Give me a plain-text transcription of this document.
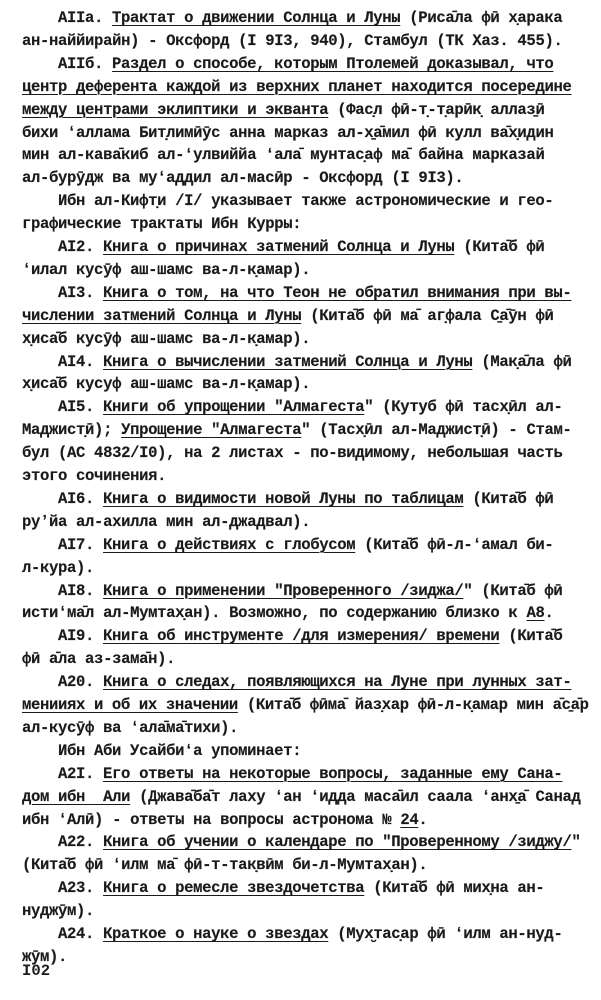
AIIa. Трактат о движении Солнца и Луны (Риса̄ла фӣ х̣арака
ан-наййирайн) - Оксфорд (I 9I3, 940), Стамбул (ТК Хаз. 455).
AIIб. Раздел о способе, которым Птолемей доказывал, что
центр деферента каждой из верхних планет находится посередине
между центрами эклиптики и экванта (Фас̣л фӣ-т̣-т̣арӣк̣ аллаз̱ӣ
бихи ʻаллама Бит̣лимӣӯс анна марказ ал-х̱а̄мил фӣ кулл ва̄х̣идин
мин ал-кава̄киб ал-ʻулвиййа ʻала̄ мунтас̣аф ма̄ байна марказай
ал-бурӯдж ва муʻаддил ал-масӣр - Оксфорд (I 9I3).
Ибн ал-Кифт̣и /I/ указывает также астрономические и гео-
графические трактаты Ибн Курры:
AI2. Книга о причинах затмений Солнца и Луны (Кита̄б фӣ
ʻилал кусӯф аш-шамс ва-л-к̣амар).
AI3. Книга о том, на что Теон не обратил внимания при вы-
числении затмений Солнца и Луны (Кита̄б фӣ ма̄ аг̣фала С̱а̄ӯн фӣ
х̣иса̄б кусӯф аш-шамс ва-л-к̣амар).
AI4. Книга о вычислении затмений Солнца и Луны (Мак̣а̄ла фӣ
х̣иса̄б кусуф аш-шамс ва-л-к̣амар).
AI5. Книги об упрощении "Алмагеста" (Кутуб фӣ тасх̣ӣл ал-
Маджист̣ӣ); Упрощение "Алмагеста" (Тасх̣ӣл ал-Маджист̣ӣ) - Стам-
бул (АС 4832/I0), на 2 листах - по-видимому, небольшая часть
этого сочинения.
AI6. Книга о видимости новой Луны по таблицам (Кита̄б фӣ
руʼйа ал-ахилла мин ал-джадвал).
AI7. Книга о действиях с глобусом (Кита̄б фӣ-л-ʻамал би-
л-кура).
AI8. Книга о применении "Проверенного /зиджа/" (Кита̄б фӣ
истиʻма̄л ал-Мумтах̣ан). Возможно, по содержанию близко к А8.
AI9. Книга об инструменте /для измерения/ времени (Кита̄б
фӣ а̄ла аз-зама̄н).
A20. Книга о следах, появляющихся на Луне при лунных зат-
менииях и об их значении (Кита̄б фӣма̄ йаз̣хар фӣ-л-к̣амар мин а̄с̱а̄р
ал-кусӯф ва ʻала̄ма̄тихи).
Ибн Аби Усайбиʻа упоминает:
A2I. Его ответы на некоторые вопросы, заданные ему Сана-
дом ибн  Али (Джава̄ба̄т лаху ʻан ʻидда маса̄ил саала ʻанх̱а̄ Санад
ибн ʻАлӣ) - ответы на вопросы астронома № 24.
A22. Книга об учении о календаре по "Проверенному /зиджу/"
(Кита̄б фӣ ʻилм ма̄ фӣ-т-так̣вӣм би-л-Мумтах̣ан).
A23. Книга о ремесле звездочетства (Кита̄б фӣ мих̣на ан-
нуджӯм).
A24. Краткое о науке о звездах (Мух̮тас̣ар фӣ ʻилм ан-нуд-
жӯм).
I02
